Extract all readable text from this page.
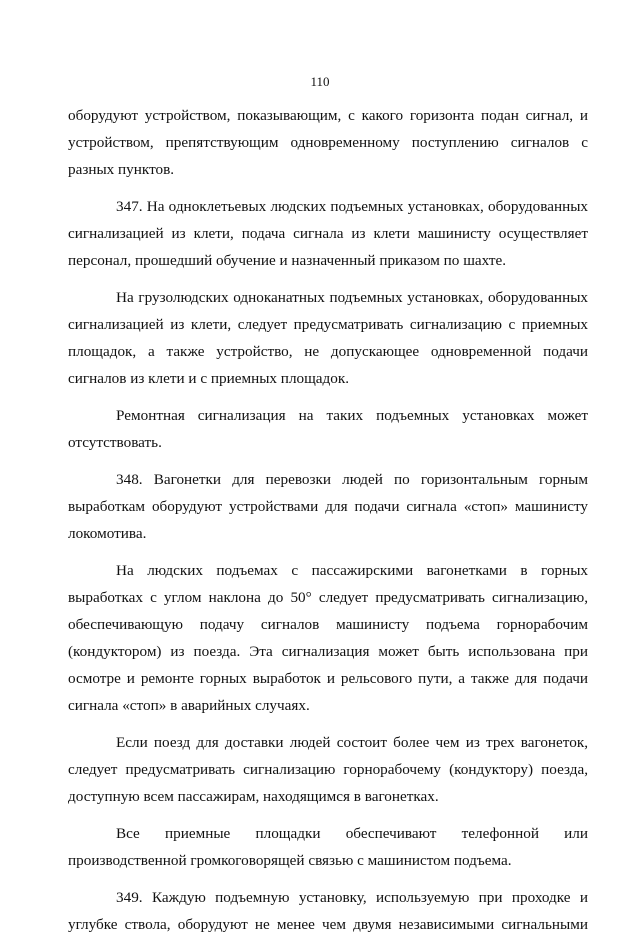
110

оборудуют устройством, показывающим, с какого горизонта подан сигнал, и устройством, препятствующим одновременному поступлению сигналов с разных пунктов.

347. На одноклетьевых людских подъемных установках, оборудованных сигнализацией из клети, подача сигнала из клети машинисту осуществляет персонал, прошедший обучение и назначенный приказом по шахте.

На грузолюдских одноканатных подъемных установках, оборудованных сигнализацией из клети, следует предусматривать сигнализацию с приемных площадок, а также устройство, не допускающее одновременной подачи сигналов из клети и с приемных площадок.

Ремонтная сигнализация на таких подъемных установках может отсутствовать.

348. Вагонетки для перевозки людей по горизонтальным горным выработкам оборудуют устройствами для подачи сигнала «стоп» машинисту локомотива.

На людских подъемах с пассажирскими вагонетками в горных выработках с углом наклона до 50° следует предусматривать сигнализацию, обеспечивающую подачу сигналов машинисту подъема горнорабочим (кондуктором) из поезда. Эта сигнализация может быть использована при осмотре и ремонте горных выработок и рельсового пути, а также для подачи сигнала «стоп» в аварийных случаях.

Если поезд для доставки людей состоит более чем из трех вагонеток, следует предусматривать сигнализацию горнорабочему (кондуктору) поезда, доступную всем пассажирам, находящимся в вагонетках.

Все приемные площадки обеспечивают телефонной или производственной громкоговорящей связью с машинистом подъема.

349. Каждую подъемную установку, используемую при проходке и углубке ствола, оборудуют не менее чем двумя независимыми сигнальными
